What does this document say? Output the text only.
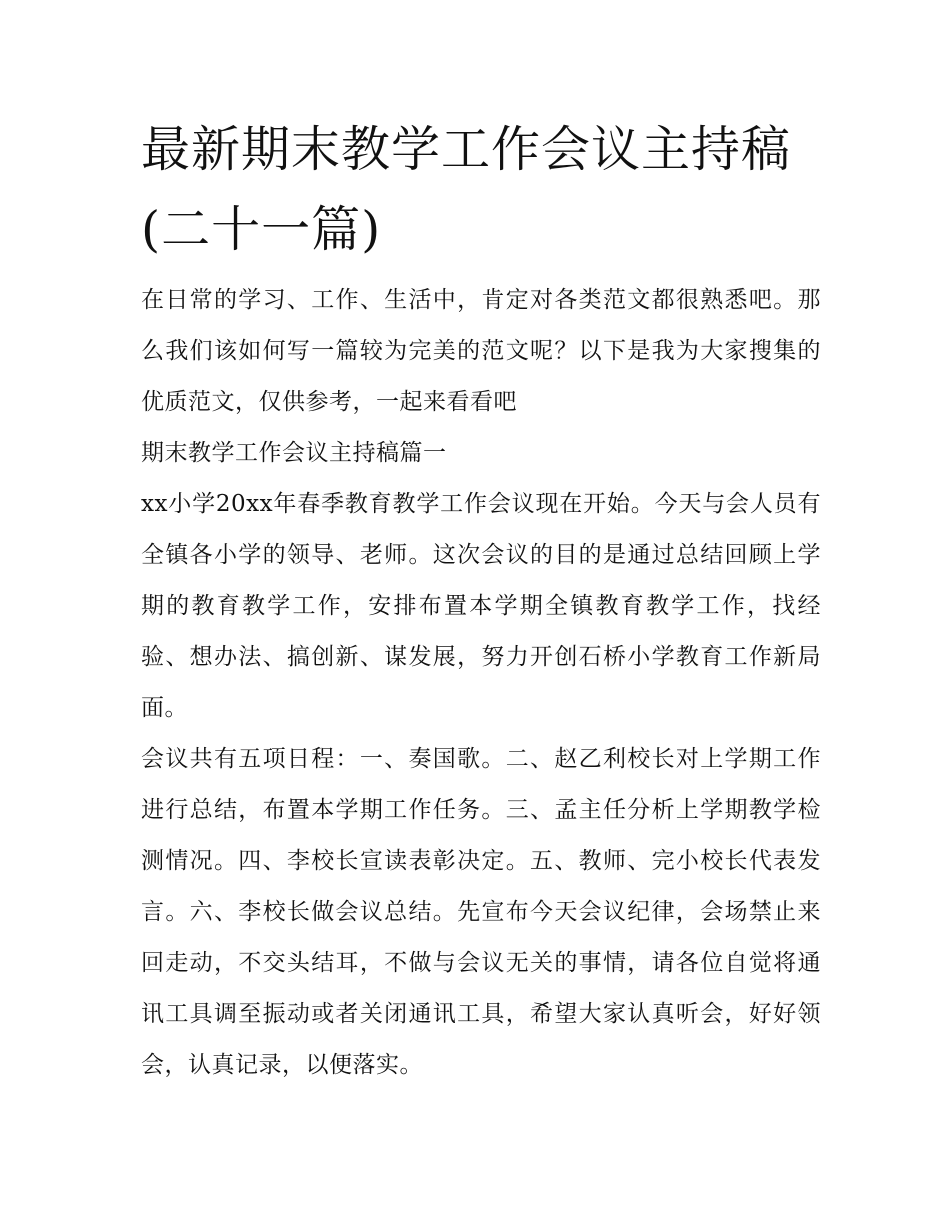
最新期末教学工作会议主持稿(二十一篇)

在日常的学习、工作、生活中，肯定对各类范文都很熟悉吧。那么我们该如何写一篇较为完美的范文呢？以下是我为大家搜集的优质范文，仅供参考，一起来看看吧

期末教学工作会议主持稿篇一

xx小学20xx年春季教育教学工作会议现在开始。今天与会人员有全镇各小学的领导、老师。这次会议的目的是通过总结回顾上学期的教育教学工作，安排布置本学期全镇教育教学工作，找经验、想办法、搞创新、谋发展，努力开创石桥小学教育工作新局面。

会议共有五项日程：一、奏国歌。二、赵乙利校长对上学期工作进行总结，布置本学期工作任务。三、孟主任分析上学期教学检测情况。四、李校长宣读表彰决定。五、教师、完小校长代表发言。六、李校长做会议总结。先宣布今天会议纪律，会场禁止来回走动，不交头结耳，不做与会议无关的事情，请各位自觉将通讯工具调至振动或者关闭通讯工具，希望大家认真听会，好好领会，认真记录，以便落实。
